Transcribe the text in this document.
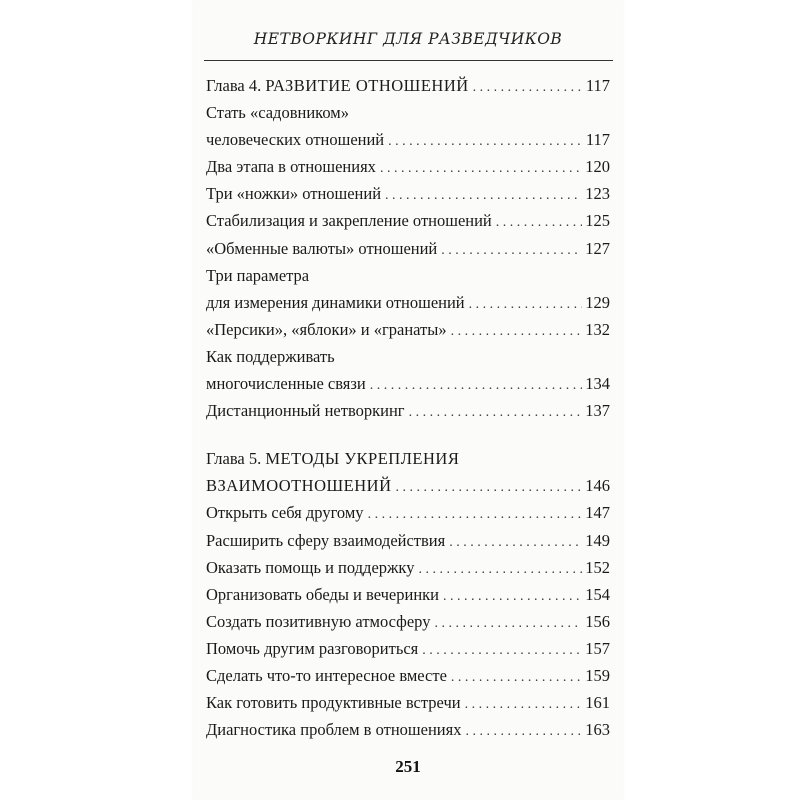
НЕТВОРКИНГ ДЛЯ РАЗВЕДЧИКОВ
Глава 4. РАЗВИТИЕ ОТНОШЕНИЙ . . .	117
Стать «садовником»
человеческих отношений . . .	117
Два этапа в отношениях . . .	120
Три «ножки» отношений . . .	123
Стабилизация и закрепление отношений . . .	125
«Обменные валюты» отношений . . .	127
Три параметра
для измерения динамики отношений . . .	129
«Персики», «яблоки» и «гранаты» . . .	132
Как поддерживать
многочисленные связи . . .	134
Дистанционный нетворкинг . . .	137
Глава 5. МЕТОДЫ УКРЕПЛЕНИЯ
ВЗАИМООТНОШЕНИЙ . . .	146
Открыть себя другому . . .	147
Расширить сферу взаимодействия . . .	149
Оказать помощь и поддержку . . .	152
Организовать обеды и вечеринки . . .	154
Создать позитивную атмосферу . . .	156
Помочь другим разговориться . . .	157
Сделать что-то интересное вместе . . .	159
Как готовить продуктивные встречи . . .	161
Диагностика проблем в отношениях . . .	163
251
